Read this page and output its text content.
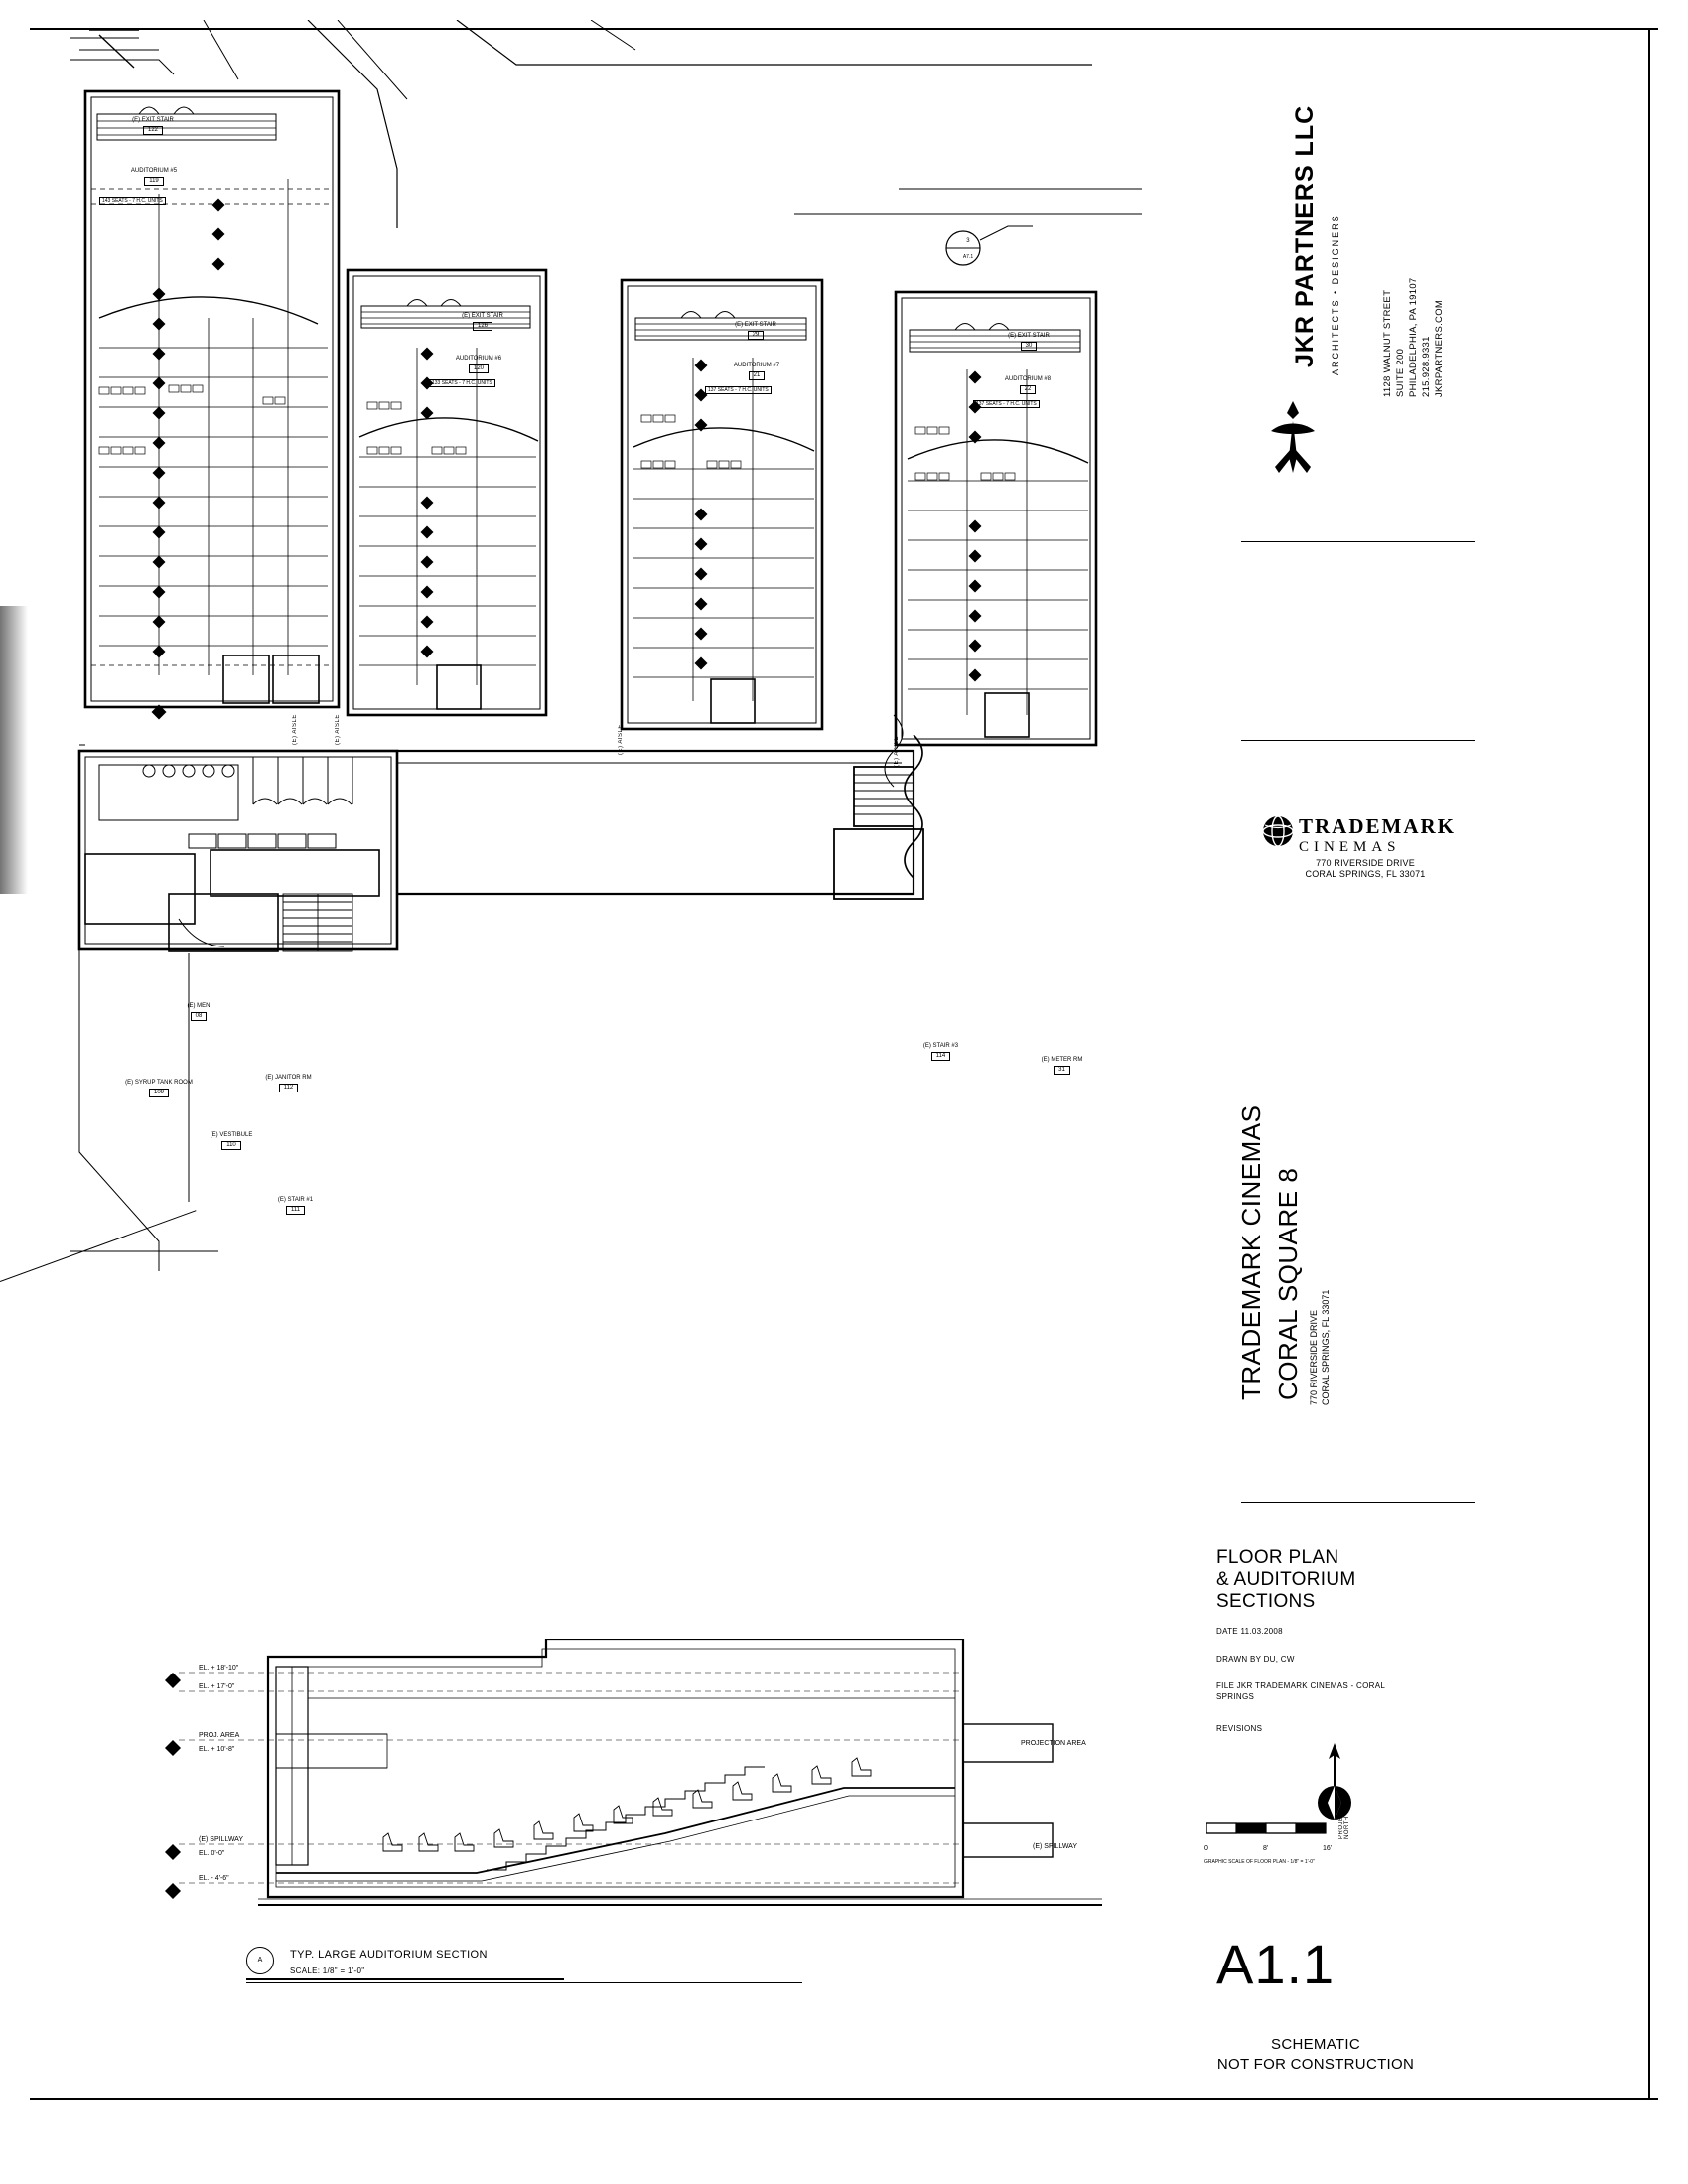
JKR PARTNERS LLC ARCHITECTS • DESIGNERS	1128 WALNUT STREET SUITE 200 PHILADELPHIA, PA 19107 215.928.9331 JKRPARTNERS.COM
TRADEMARK
CINEMAS
770 RIVERSIDE DRIVE
CORAL SPRINGS, FL 33071
TRADEMARK CINEMAS CORAL SQUARE 8 770 RIVERSIDE DRIVE CORAL SPRINGS, FL 33071
FLOOR PLAN
& AUDITORIUM
SECTIONS
DATE 11.03.2008
DRAWN BY DU, CW
FILE JKR TRADEMARK CINEMAS - CORAL
SPRINGS
REVISIONS
PROJECT NORTH
0	8'	16'
GRAPHIC SCALE OF FLOOR PLAN - 1/8" = 1'-0"
A1.1
SCHEMATIC
NOT FOR CONSTRUCTION
(E) EXIT STAIR
122
AUDITORIUM #5
119
(E) EXIT STAIR
126
AUDITORIUM #6
120
(E) EXIT STAIR
29
AUDITORIUM #7
21
(E) EXIT STAIR
30
AUDITORIUM #8
22
(E) MEN
08
(E) SYRUP TANK ROOM
109
(E) JANITOR RM
112
(E) VESTIBULE
110
(E) STAIR #1
111
(E) STAIR #3
114
(E) METER RM
31
143 SEATS - 7 H.C. UNITS
133 SEATS - 7 H.C. UNITS
137 SEATS - 7 H.C. UNITS
137 SEATS - 7 H.C. UNITS
(E) AISLE	(E) AISLE	(E) AISLE	(E) AISLE
3
A7.1
EL. + 18'-10"
EL. + 17'-0"
PROJ. AREA
EL. + 10'-8"
(E) SPILLWAY
EL. 0'-0"
EL. - 4'-6"
PROJECTION AREA
(E) SPILLWAY
A	TYP. LARGE AUDITORIUM SECTION
SCALE: 1/8" = 1'-0"
